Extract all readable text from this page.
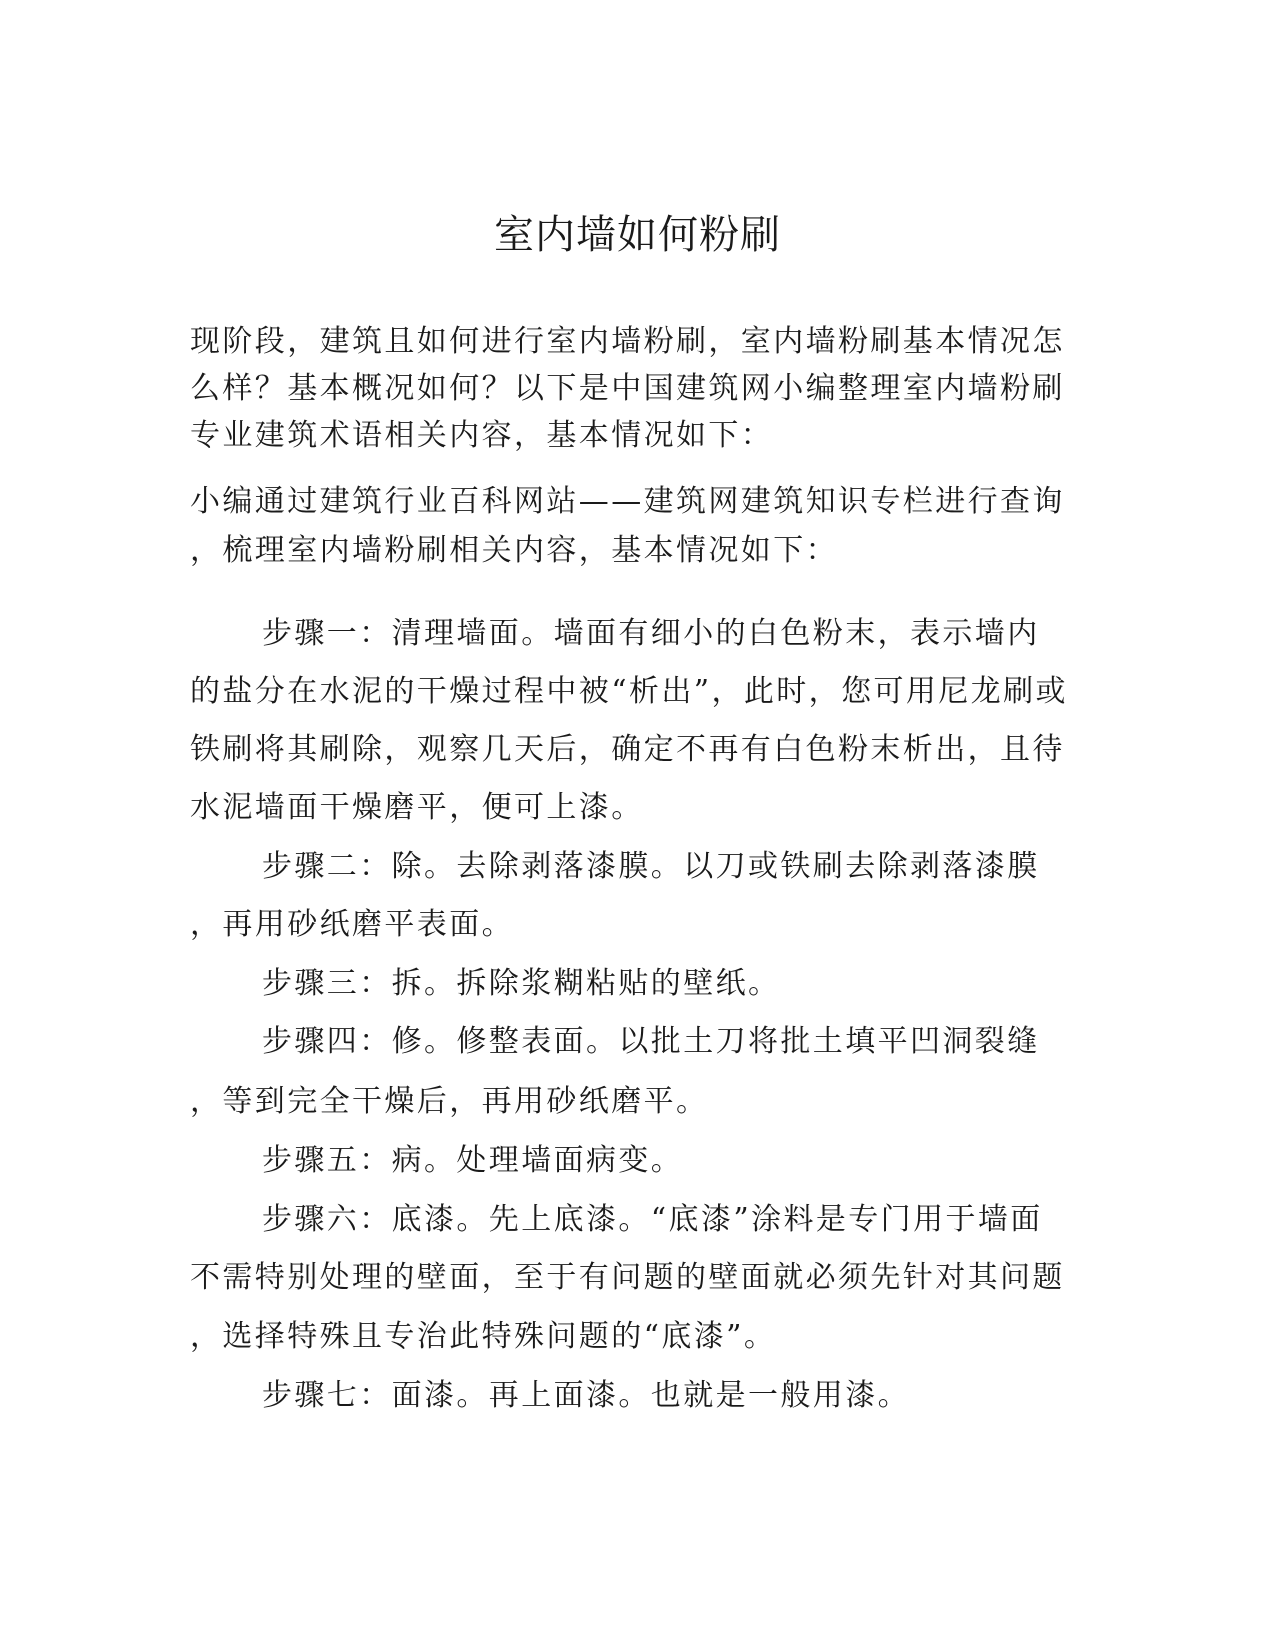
室内墙如何粉刷
现阶段，建筑且如何进行室内墙粉刷，室内墙粉刷基本情况怎
么样？基本概况如何？以下是中国建筑网小编整理室内墙粉刷
专业建筑术语相关内容，基本情况如下：
小编通过建筑行业百科网站——建筑网建筑知识专栏进行查询
，梳理室内墙粉刷相关内容，基本情况如下：
步骤一：清理墙面。墙面有细小的白色粉末，表示墙内
的盐分在水泥的干燥过程中被“析出”，此时，您可用尼龙刷或
铁刷将其刷除，观察几天后，确定不再有白色粉末析出，且待
水泥墙面干燥磨平，便可上漆。
步骤二：除。去除剥落漆膜。以刀或铁刷去除剥落漆膜
，再用砂纸磨平表面。
步骤三：拆。拆除浆糊粘贴的壁纸。
步骤四：修。修整表面。以批土刀将批土填平凹洞裂缝
，等到完全干燥后，再用砂纸磨平。
步骤五：病。处理墙面病变。
步骤六：底漆。先上底漆。“底漆”涂料是专门用于墙面
不需特别处理的壁面，至于有问题的壁面就必须先针对其问题
，选择特殊且专治此特殊问题的“底漆”。
步骤七：面漆。再上面漆。也就是一般用漆。
